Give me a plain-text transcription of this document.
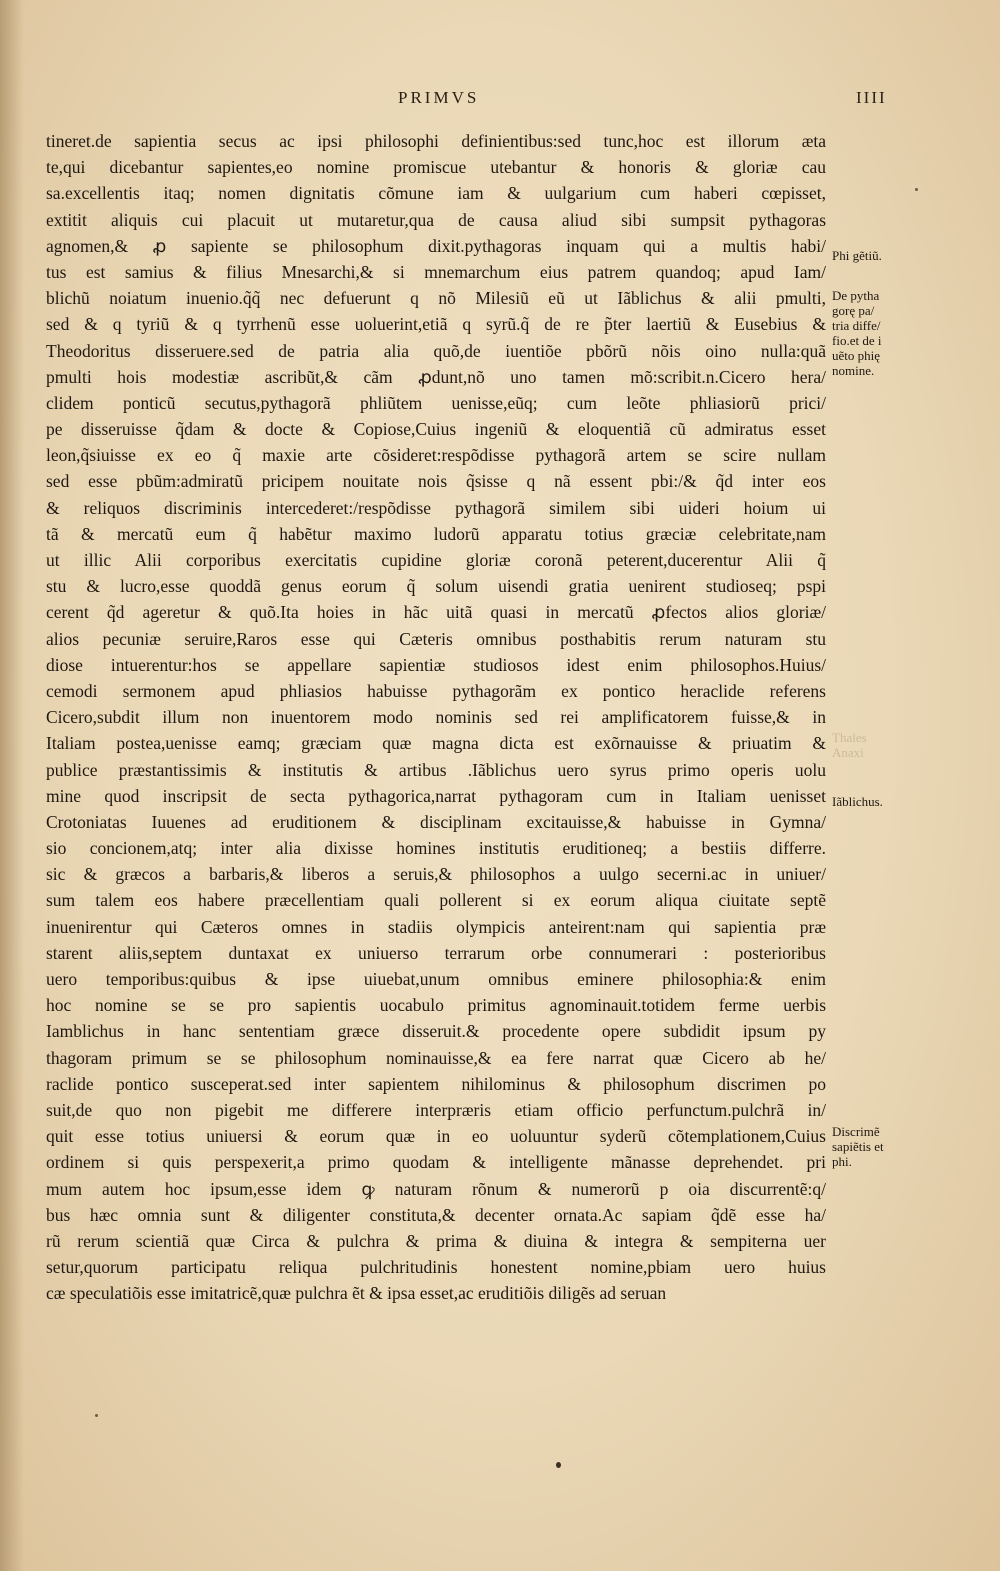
PRIMVS	IIII
tineret.de sapientia secus ac ipsi philosophi definientibus:sed tunc,hoc est illorum æta
te,qui dicebantur sapientes,eo nomine promiscue utebantur & honoris & gloriæ cau
sa.excellentis itaq; nomen dignitatis cõmune iam & uulgarium cum haberi cœpisset,
extitit aliquis cui placuit ut mutaretur,qua de causa aliud sibi sumpsit pythagoras
agnomen,& ꝓ sapiente se philosophum dixit.pythagoras inquam qui a multis habi/
tus est samius & filius Mnesarchi,& si mnemarchum eius patrem quandoq; apud Iam/
blichũ noiatum inuenio.q̃q̃ nec defuerunt q nõ Milesiũ eũ ut Iãblichus & alii pmulti,
sed & q tyriũ & q tyrrhenũ esse uoluerint,etiã q syrũ.q̃ de re p̃ter laertiũ & Eusebius &
Theodoritus disseruere.sed de patria alia quõ,de iuentiõe pbõrũ nõis oino nulla:quã
pmulti hois modestiæ ascribũt,& cãm ꝓdunt,nõ uno tamen mõ:scribit.n.Cicero hera/
clidem ponticũ secutus,pythagorã phliũtem uenisse,eũq; cum leõte phliasiorũ prici/
pe disseruisse q̃dam & docte & Copiose,Cuius ingeniũ & eloquentiã cũ admiratus esset
leon,q̃siuisse ex eo q̃ maxie arte cõsideret:respõdisse pythagorã artem se scire nullam
sed esse pbũm:admiratũ pricipem nouitate nois q̃sisse q nã essent pbi:/& q̃d inter eos
& reliquos discriminis intercederet:/respõdisse pythagorã similem sibi uideri hoium ui
tã & mercatũ eum q̃ habẽtur maximo ludorũ apparatu totius græciæ celebritate,nam
ut illic Alii corporibus exercitatis cupidine gloriæ coronã peterent,ducerentur Alii q̃
stu & lucro,esse quoddã genus eorum q̃ solum uisendi gratia uenirent studioseq; pspi
cerent q̃d ageretur & quõ.Ita hoies in hãc uitã quasi in mercatũ ꝓfectos alios gloriæ/
alios pecuniæ seruire,Raros esse qui Cæteris omnibus posthabitis rerum naturam stu
diose intuerentur:hos se appellare sapientiæ studiosos idest enim philosophos.Huius/
cemodi sermonem apud phliasios habuisse pythagorãm ex pontico heraclide referens
Cicero,subdit illum non inuentorem modo nominis sed rei amplificatorem fuisse,& in
Italiam postea,uenisse eamq; græciam quæ magna dicta est exõrnauisse & priuatim &
publice præstantissimis & institutis & artibus .Iãblichus uero syrus primo operis uolu
mine quod inscripsit de secta pythagorica,narrat pythagoram cum in Italiam uenisset
Crotoniatas Iuuenes ad eruditionem & disciplinam excitauisse,& habuisse in Gymna/
sio concionem,atq; inter alia dixisse homines institutis eruditioneq; a bestiis differre.
sic & græcos a barbaris,& liberos a seruis,& philosophos a uulgo secerni.ac in uniuer/
sum talem eos habere præcellentiam quali pollerent si ex eorum aliqua ciuitate septẽ
inuenirentur qui Cæteros omnes in stadiis olympicis anteirent:nam qui sapientia præ
starent aliis,septem duntaxat ex uniuerso terrarum orbe connumerari : posterioribus
uero temporibus:quibus & ipse uiuebat,unum omnibus eminere philosophia:& enim
hoc nomine se se pro sapientis uocabulo primitus agnominauit.totidem ferme uerbis
Iamblichus in hanc sententiam græce disseruit.& procedente opere subdidit ipsum py
thagoram primum se se philosophum nominauisse,& ea fere narrat quæ Cicero ab he/
raclide pontico susceperat.sed inter sapientem nihilominus & philosophum discrimen po
suit,de quo non pigebit me differere interpræris etiam officio perfunctum.pulchrã in/
quit esse totius uniuersi & eorum quæ in eo uoluuntur syderũ cõtemplationem,Cuius
ordinem si quis perspexerit,a primo quodam & intelligente mãnasse deprehendet. pri
mum autem hoc ipsum,esse idem ꝙ naturam rõnum & numerorũ p oia discurrentẽ:q/
bus hæc omnia sunt & diligenter constituta,& decenter ornata.Ac sapiam q̃dẽ esse ha/
rũ rerum scientiã quæ Circa & pulchra & prima & diuina & integra & sempiterna uer
setur,quorum participatu reliqua pulchritudinis honestent nomine,pbiam uero huius
cæ speculatiõis esse imitatricẽ,quæ pulchra ẽt & ipsa esset,ac eruditiõis diligẽs ad seruan
Phi gẽtiũ.
De pytha
gorę pa/
tria diffe/
fio.et de i
uẽto phię
nomine.
Thales
Anaxi
Iãblichus.
Discrimẽ
sapiẽtis et
phi.
